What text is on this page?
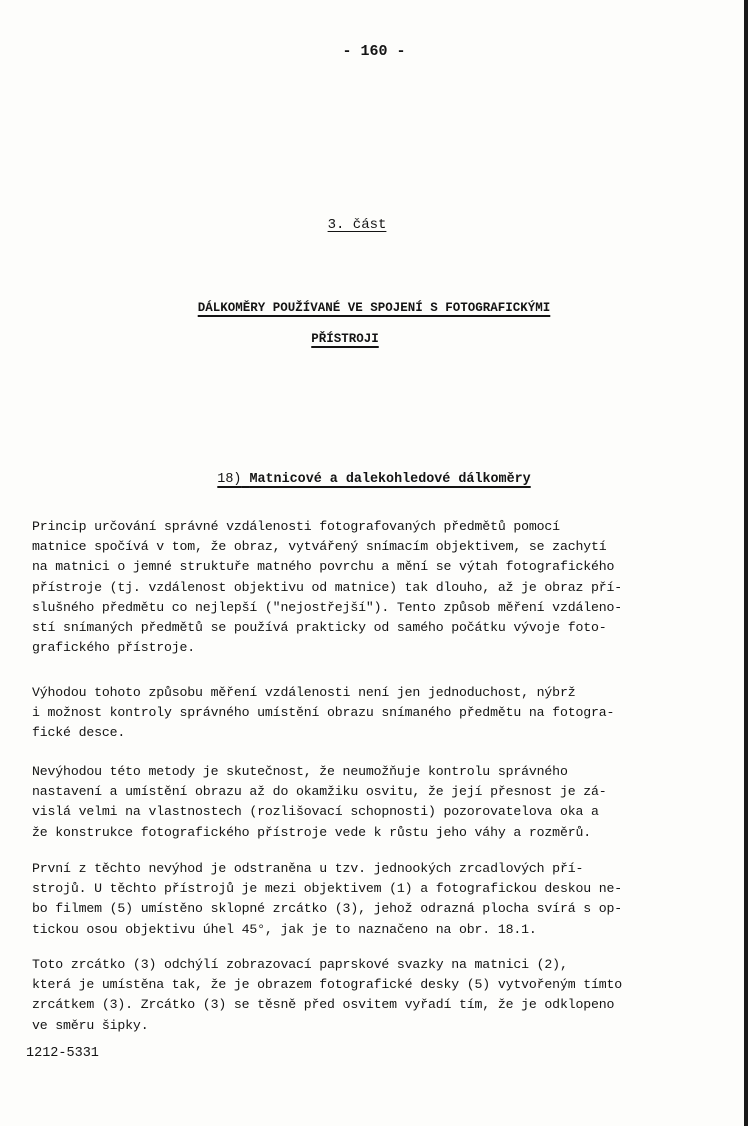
- 160 -
3. část
DÁLKOMĚRY POUŽÍVANÉ VE SPOJENÍ S FOTOGRAFICKÝMI
PŘÍSTROJI
18) Matnicové a dalekohledové dálkoměry

Princip určování správné vzdálenosti fotografovaných předmětů pomocí
matnice spočívá v tom, že obraz, vytvářený snímacím objektivem, se zachytí
na matnici o jemné struktuře matného povrchu a mění se výtah fotografického
přístroje (tj. vzdálenost objektivu od matnice) tak dlouho, až je obraz pří-
slušného předmětu co nejlepší ("nejostřejší"). Tento způsob měření vzdáleno-
stí snímaných předmětů se používá prakticky od samého počátku vývoje foto-
grafického přístroje.

Výhodou tohoto způsobu měření vzdálenosti není jen jednoduchost, nýbrž
i možnost kontroly správného umístění obrazu snímaného předmětu na fotogra-
fické desce.

Nevýhodou této metody je skutečnost, že neumožňuje kontrolu správného
nastavení a umístění obrazu až do okamžiku osvitu, že její přesnost je zá-
vislá velmi na vlastnostech (rozlišovací schopnosti) pozorovatelova oka a
že konstrukce fotografického přístroje vede k růstu jeho váhy a rozměrů.

První z těchto nevýhod je odstraněna u tzv. jednookých zrcadlových pří-
strojů. U těchto přístrojů je mezi objektivem (1) a fotografickou deskou ne-
bo filmem (5) umístěno sklopné zrcátko (3), jehož odrazná plocha svírá s op-
tickou osou objektivu úhel 45°, jak je to naznačeno na obr. 18.1.

Toto zrcátko (3) odchýlí zobrazovací paprskové svazky na matnici (2),
která je umístěna tak, že je obrazem fotografické desky (5) vytvořeným tímto
zrcátkem (3). Zrcátko (3) se těsně před osvitem vyřadí tím, že je odklopeno
ve směru šipky.

1212-5331
